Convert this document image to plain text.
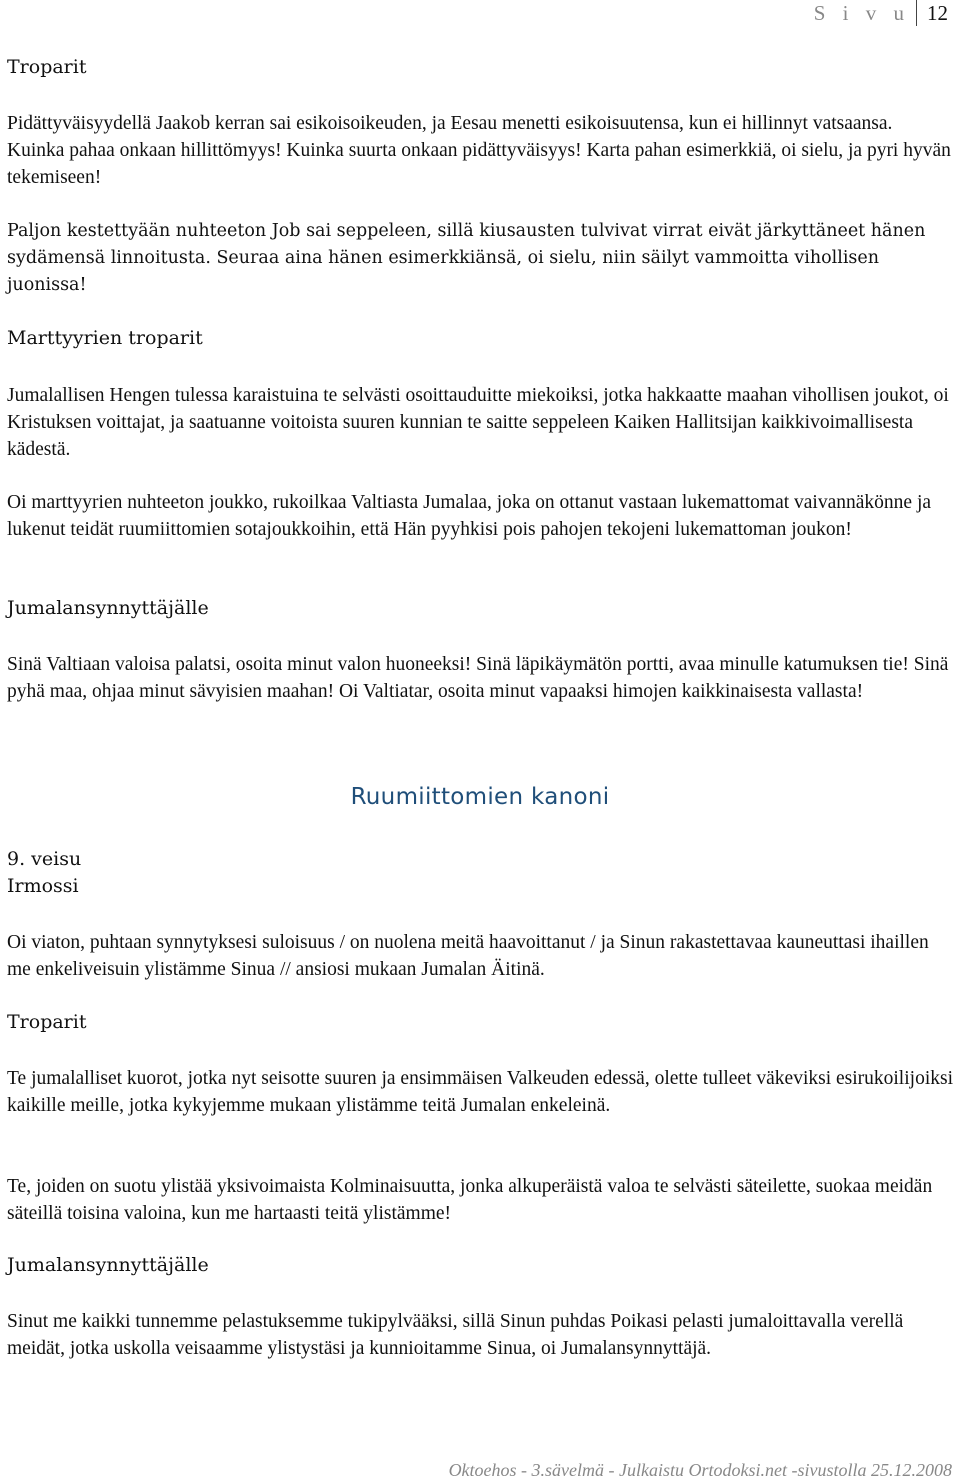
S i v u 12
Troparit
Pidättyväisyydellä Jaakob kerran sai esikoisoikeuden, ja Eesau menetti esikoisuutensa, kun ei hillinnyt vatsaansa. Kuinka pahaa onkaan hillittömyys! Kuinka suurta onkaan pidättyväisyys! Karta pahan esimerkkiä, oi sielu, ja pyri hyvän tekemiseen!
Paljon kestettyään nuhteeton Job sai seppeleen, sillä kiusausten tulvivat virrat eivät järkyttäneet hänen sydämensä linnoitusta. Seuraa aina hänen esimerkkiänsä, oi sielu, niin säilyt vammoitta vihollisen juonissa!
Marttyyrien troparit
Jumalallisen Hengen tulessa karaistuina te selvästi osoittauduitte miekoiksi, jotka hakkaatte maahan vihollisen joukot, oi Kristuksen voittajat, ja saatuanne voitoista suuren kunnian te saitte seppeleen Kaiken Hallitsijan kaikkivoimallisesta kädestä.
Oi marttyyrien nuhteeton joukko, rukoilkaa Valtiasta Jumalaa, joka on ottanut vastaan lukemattomat vaivannäkönne ja lukenut teidät ruumiittomien sotajoukkoihin, että Hän pyyhkisi pois pahojen tekojeni lukemattoman joukon!
Jumalansynnyttäjälle
Sinä Valtiaan valoisa palatsi, osoita minut valon huoneeksi! Sinä läpikäymätön portti, avaa minulle katumuksen tie! Sinä pyhä maa, ohjaa minut sävyisien maahan! Oi Valtiatar, osoita minut vapaaksi himojen kaikkinaisesta vallasta!
Ruumiittomien kanoni
9. veisu
Irmossi
Oi viaton, puhtaan synnytyksesi suloisuus / on nuolena meitä haavoittanut / ja Sinun rakastettavaa kauneuttasi ihaillen me enkeliveisuin ylistämme Sinua // ansiosi mukaan Jumalan Äitinä.
Troparit
Te jumalalliset kuorot, jotka nyt seisotte suuren ja ensimmäisen Valkeuden edessä, olette tulleet väkeviksi esirukoilijoiksi kaikille meille, jotka kykyjemme mukaan ylistämme teitä Jumalan enkeleinä.
Te, joiden on suotu ylistää yksivoimaista Kolminaisuutta, jonka alkuperäistä valoa te selvästi säteilette, suokaa meidän säteillä toisina valoina, kun me hartaasti teitä ylistämme!
Jumalansynnyttäjälle
Sinut me kaikki tunnemme pelastuksemme tukipylvääksi, sillä Sinun puhdas Poikasi pelasti jumaloittavalla verellä meidät, jotka uskolla veisaamme ylistystäsi ja kunnioitamme Sinua, oi Jumalansynnyttäjä.
Oktoehos - 3.sävelmä - Julkaistu Ortodoksi.net -sivustolla 25.12.2008
